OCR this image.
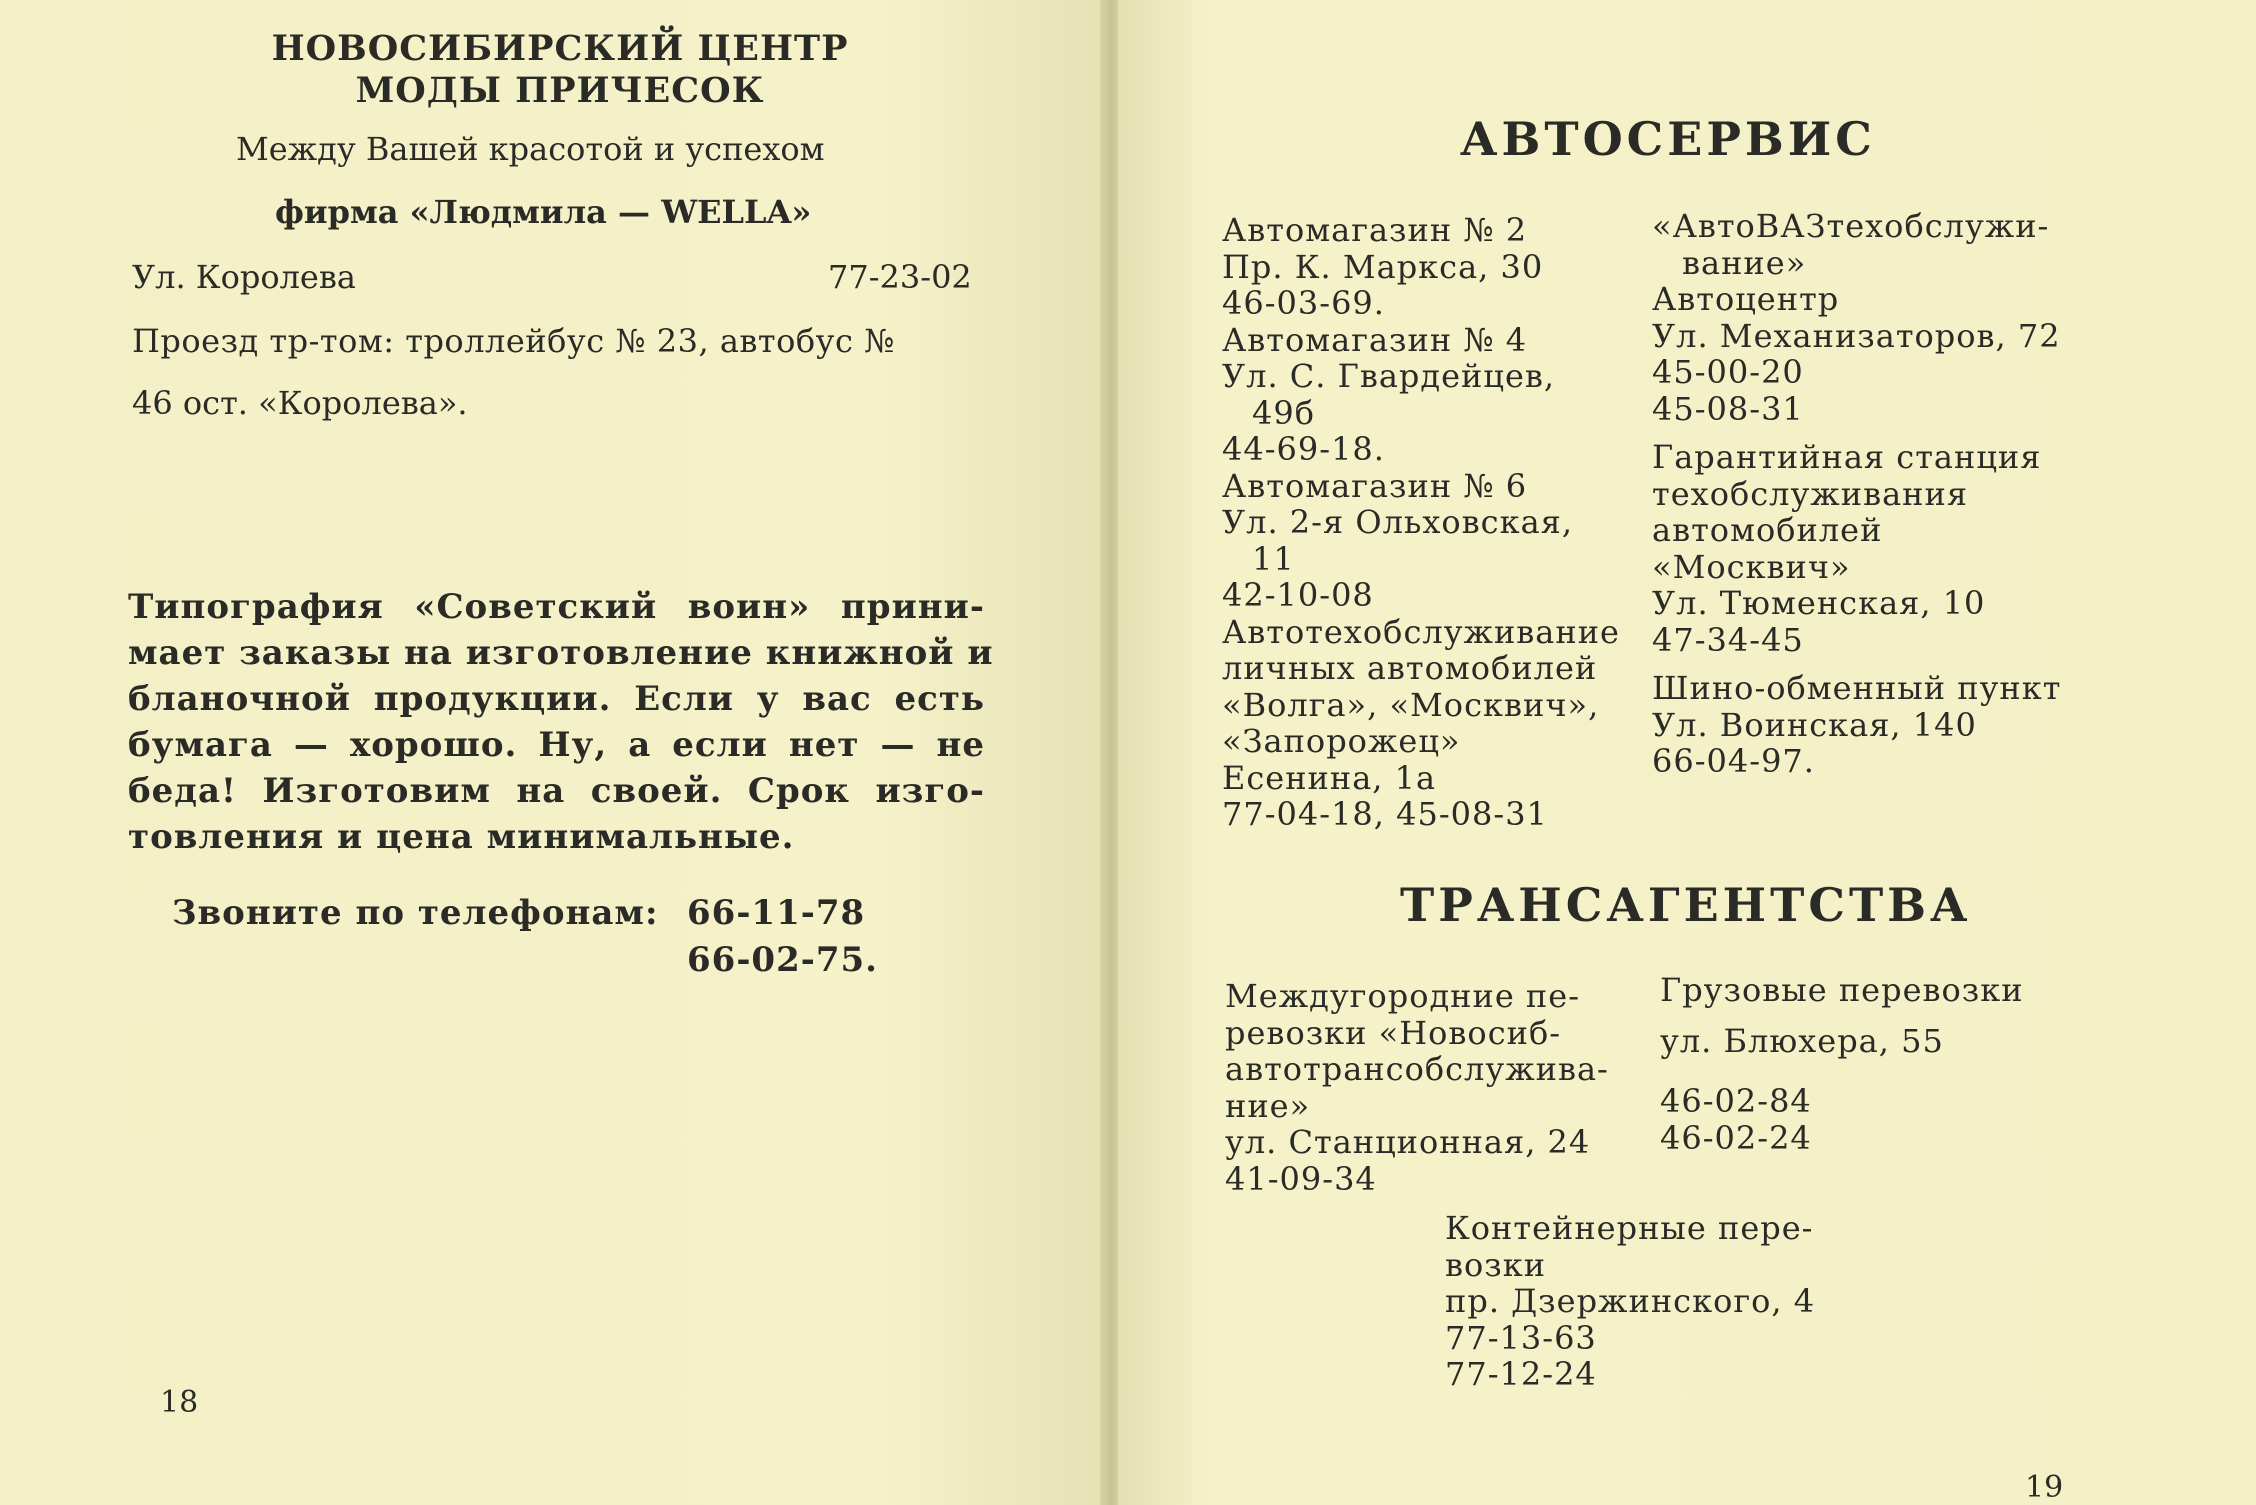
НОВОСИБИРСКИЙ ЦЕНТР
МОДЫ ПРИЧЕСОК
Между Вашей красотой и успехом
фирма «Людмила — WELLA»
Ул. Королева	77-23-02
Проезд тр-том: троллейбус № 23, автобус №
46 ост. «Королева».
Типография «Советский воин» прини-
мает заказы на изготовление книжной и
бланочной продукции. Если у вас есть
бумага — хорошо. Ну, а если нет — не
беда! Изготовим на своей. Срок изго-
товления и цена минимальные.
Звоните по телефонам: 66-11-78
66-02-75.
18
АВТОСЕРВИС
Автомагазин № 2
Пр. К. Маркса, 30
46-03-69.
Автомагазин № 4
Ул. С. Гвардейцев,
49б
44-69-18.
Автомагазин № 6
Ул. 2-я Ольховская,
11
42-10-08
Автотехобслуживание
личных автомобилей
«Волга», «Москвич»,
«Запорожец»
Есенина, 1а
77-04-18, 45-08-31
«АвтоВАЗтехобслужи-
вание»
Автоцентр
Ул. Механизаторов, 72
45-00-20
45-08-31
Гарантийная станция
техобслуживания
автомобилей
«Москвич»
Ул. Тюменская, 10
47-34-45
Шино-обменный пункт
Ул. Воинская, 140
66-04-97.
ТРАНСАГЕНТСТВА
Междугородние пе-
ревозки «Новосиб-
автотрансобслужива-
ние»
ул. Станционная, 24
41-09-34
Грузовые перевозки
ул. Блюхера, 55
46-02-84
46-02-24
Контейнерные пере-
возки
пр. Дзержинского, 4
77-13-63
77-12-24
19
